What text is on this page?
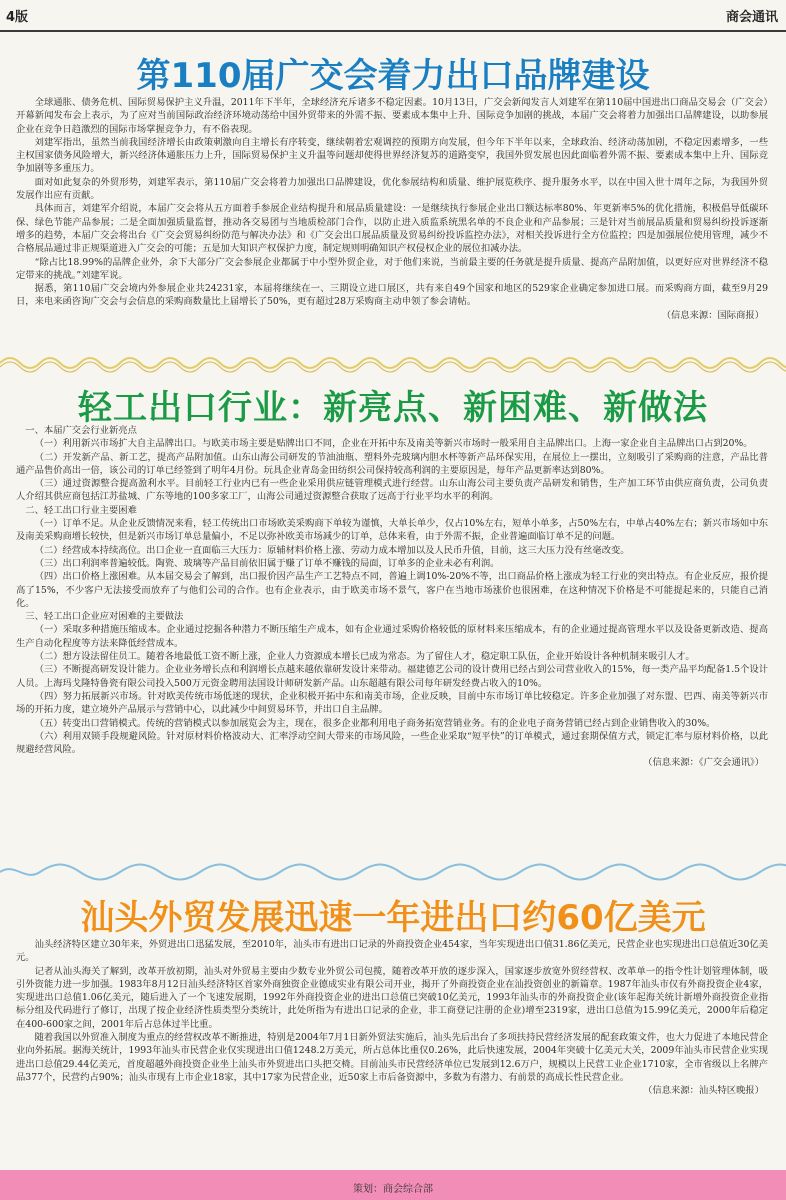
4版	商会通讯
第110届广交会着力出口品牌建设

全球通胀、债务危机、国际贸易保护主义升温，2011年下半年，全球经济充斥诸多不稳定因素。10月13日，广交会新闻发言人刘建军在第110届中国进出口商品交易会（广交会）开幕新闻发布会上表示，为了应对当前国际政治经济环境动荡给中国外贸带来的外需不振、要素成本集中上升、国际竞争加剧的挑战，本届广交会将着力加强出口品牌建设，以助参展企业在竞争日趋激烈的国际市场掌握竞争力，有不俗表现。

刘建军指出，虽然当前我国经济增长由政策刺激向自主增长有序转变，继续朝着宏观调控的预期方向发展，但今年下半年以来，全球政治、经济动荡加剧，不稳定因素增多，一些主权国家债务风险增大，新兴经济体通胀压力上升，国际贸易保护主义升温等问题却使得世界经济复苏的道路变窄，我国外贸发展也因此面临着外需不振、要素成本集中上升、国际竞争加剧等多重压力。

面对如此复杂的外贸形势，刘建军表示，第110届广交会将着力加强出口品牌建设，优化参展结构和质量、维护展览秩序、提升服务水平，以在中国入世十周年之际，为我国外贸发展作出应有贡献。

具体而言，刘建军介绍说，本届广交会将从五方面着手参展企业结构提升和展品质量建设：一是继续执行参展企业出口额达标率80%、年更新率5%的优化措施，积极倡导低碳环保、绿色节能产品参展；二是全面加强质量监督，推动各交易团与当地质检部门合作，以防止进入质监系统黑名单的不良企业和产品参展；三是针对当前展品质量和贸易纠纷投诉逐渐增多的趋势，本届广交会将出台《广交会贸易纠纷防范与解决办法》和《广交会出口展品质量及贸易纠纷投诉监控办法》，对相关投诉进行全方位监控；四是加强展位使用管理，减少不合格展品通过非正规渠道进入广交会的可能；五是加大知识产权保护力度，制定规则明确知识产权侵权企业的展位扣减办法。

“除占比18.99%的品牌企业外，余下大部分广交会参展企业都属于中小型外贸企业，对于他们来说，当前最主要的任务就是提升质量、提高产品附加值，以更好应对世界经济不稳定带来的挑战。”刘建军说。

据悉，第110届广交会境内外参展企业共24231家，本届将继续在一、三期设立进口展区，共有来自49个国家和地区的529家企业确定参加进口展。而采购商方面，截至9月29日，来电来函咨询广交会与会信息的采购商数量比上届增长了50%，更有超过28万采购商主动申领了参会请帖。

（信息来源：国际商报）

轻工出口行业：新亮点、新困难、新做法

一、本届广交会行业新亮点

（一）利用新兴市场扩大自主品牌出口。与欧美市场主要是贴牌出口不同，企业在开拓中东及南美等新兴市场时一般采用自主品牌出口。上海一家企业自主品牌出口占到20%。

（二）开发新产品、新工艺，提高产品附加值。山东山海公司研发的节油油瓶、塑料外壳玻璃内胆水杯等新产品环保实用，在展位上一摆出，立刻吸引了采购商的注意，产品比普通产品售价高出一倍，该公司的订单已经签到了明年4月份。玩具企业青岛金田纺织公司保持较高利润的主要原因是，每年产品更新率达到80%。

（三）通过资源整合提高盈利水平。目前轻工行业内已有一些企业采用供应链管理模式进行经营。山东山海公司主要负责产品研发和销售，生产加工环节由供应商负责，公司负责人介绍其供应商包括江苏盐城、广东等地的100多家工厂，山海公司通过资源整合获取了远高于行业平均水平的利润。

二、轻工出口行业主要困难

（一）订单不足。从企业反馈情况来看，轻工传统出口市场欧美采购商下单较为谨慎，大单长单少，仅占10%左右，短单小单多，占50%左右，中单占40%左右；新兴市场如中东及南美采购商增长较快，但是新兴市场订单总量偏小，不足以弥补欧美市场减少的订单，总体来看，由于外需不振，企业普遍面临订单不足的问题。

（二）经营成本持续高位。出口企业一直面临三大压力：原辅材料价格上涨、劳动力成本增加以及人民币升值，目前，这三大压力没有丝毫改变。

（三）出口利润率普遍较低。陶瓷、玻璃等产品目前依旧属于赚了订单不赚钱的局面，订单多的企业未必有利润。

（四）出口价格上涨困难。从本届交易会了解到，出口报价因产品生产工艺特点不同，普遍上调10%-20%不等，出口商品价格上涨成为轻工行业的突出特点。有企业反应，报价提高了15%，不少客户无法接受而放弃了与他们公司的合作。也有企业表示，由于欧美市场不景气，客户在当地市场涨价也很困难，在这种情况下价格是不可能提起来的，只能自己消化。

三、轻工出口企业应对困难的主要做法

（一）采取多种措施压缩成本。企业通过挖掘各种潜力不断压缩生产成本，如有企业通过采购价格较低的原材料来压缩成本，有的企业通过提高管理水平以及设备更新改造、提高生产自动化程度等方法来降低经营成本。

（二）想方设法留住员工。随着各地最低工资不断上涨，企业人力资源成本增长已成为常态。为了留住人才，稳定职工队伍，企业开始设计各种机制来吸引人才。

（三）不断提高研发设计能力。企业业务增长点和利润增长点越来越依靠研发设计来带动。福建德艺公司的设计费用已经占到公司营业收入的15%，每一类产品平均配备1.5个设计人员。上海玛戈隆特鲁瓷有限公司投入500万元资金聘用法国设计师研发新产品。山东超越有限公司每年研发经费占收入的10%。

（四）努力拓展新兴市场。针对欧美传统市场低迷的现状，企业积极开拓中东和南美市场，企业反映，目前中东市场订单比较稳定。许多企业加强了对东盟、巴西、南美等新兴市场的开拓力度，建立境外产品展示与营销中心，以此减少中间贸易环节，并出口自主品牌。

（五）转变出口营销模式。传统的营销模式以参加展览会为主，现在，很多企业都利用电子商务拓宽营销业务。有的企业电子商务营销已经占到企业销售收入的30%。

（六）利用双锁手段规避风险。针对原材料价格波动大、汇率浮动空间大带来的市场风险，一些企业采取“短平快”的订单模式，通过套期保值方式，锁定汇率与原材料价格，以此规避经营风险。

（信息来源：《广交会通讯》）

汕头外贸发展迅速一年进出口约60亿美元

汕头经济特区建立30年来，外贸进出口迅猛发展，至2010年，汕头市有进出口记录的外商投资企业454家，当年实现进出口值31.86亿美元，民营企业也实现进出口总值近30亿美元。

记者从汕头海关了解到，改革开放初期，汕头对外贸易主要由少数专业外贸公司包揽，随着改革开放的逐步深入，国家逐步放宽外贸经营权、改革单一的指令性计划管理体制，吸引外资能力进一步加强。1983年8月12日汕头经济特区首家外商独资企业德成实业有限公司开业，揭开了外商投资企业在汕投资创业的新篇章。1987年汕头市仅有外商投资企业4家，实现进出口总值1.06亿美元，随后进入了一个飞速发展期，1992年外商投资企业的进出口总值已突破10亿美元，1993年汕头市的外商投资企业(该年起海关统计新增外商投资企业指标分组及代码进行了修订，出现了按企业经济性质类型分类统计，此处所指为有进出口记录的企业，非工商登记注册的企业)增至2319家，进出口总值为15.99亿美元，2000年后稳定在400-600家之间，2001年后占总体过半比重。

随着我国以外贸准入制度为重点的经营权改革不断推进，特别是2004年7月1日新外贸法实施后，汕头先后出台了多项扶持民营经济发展的配套政策文件，也大力促进了本地民营企业向外拓展。据海关统计，1993年汕头市民营企业仅实现进出口值1248.2万美元，所占总体比重仅0.26%，此后快速发展，2004年突破十亿美元大关，2009年汕头市民营企业实现进出口总值29.44亿美元，首度超越外商投资企业坐上汕头市外贸进出口头把交椅。目前汕头市民营经济单位已发展到12.6万户，规模以上民营工业企业1710家，全市省级以上名牌产品377个，民营约占90%；汕头市现有上市企业18家，其中17家为民营企业，近50家上市后备资源中，多数为有潜力、有前景的高成长性民营企业。

（信息来源：汕头特区晚报）

策划：商会综合部
